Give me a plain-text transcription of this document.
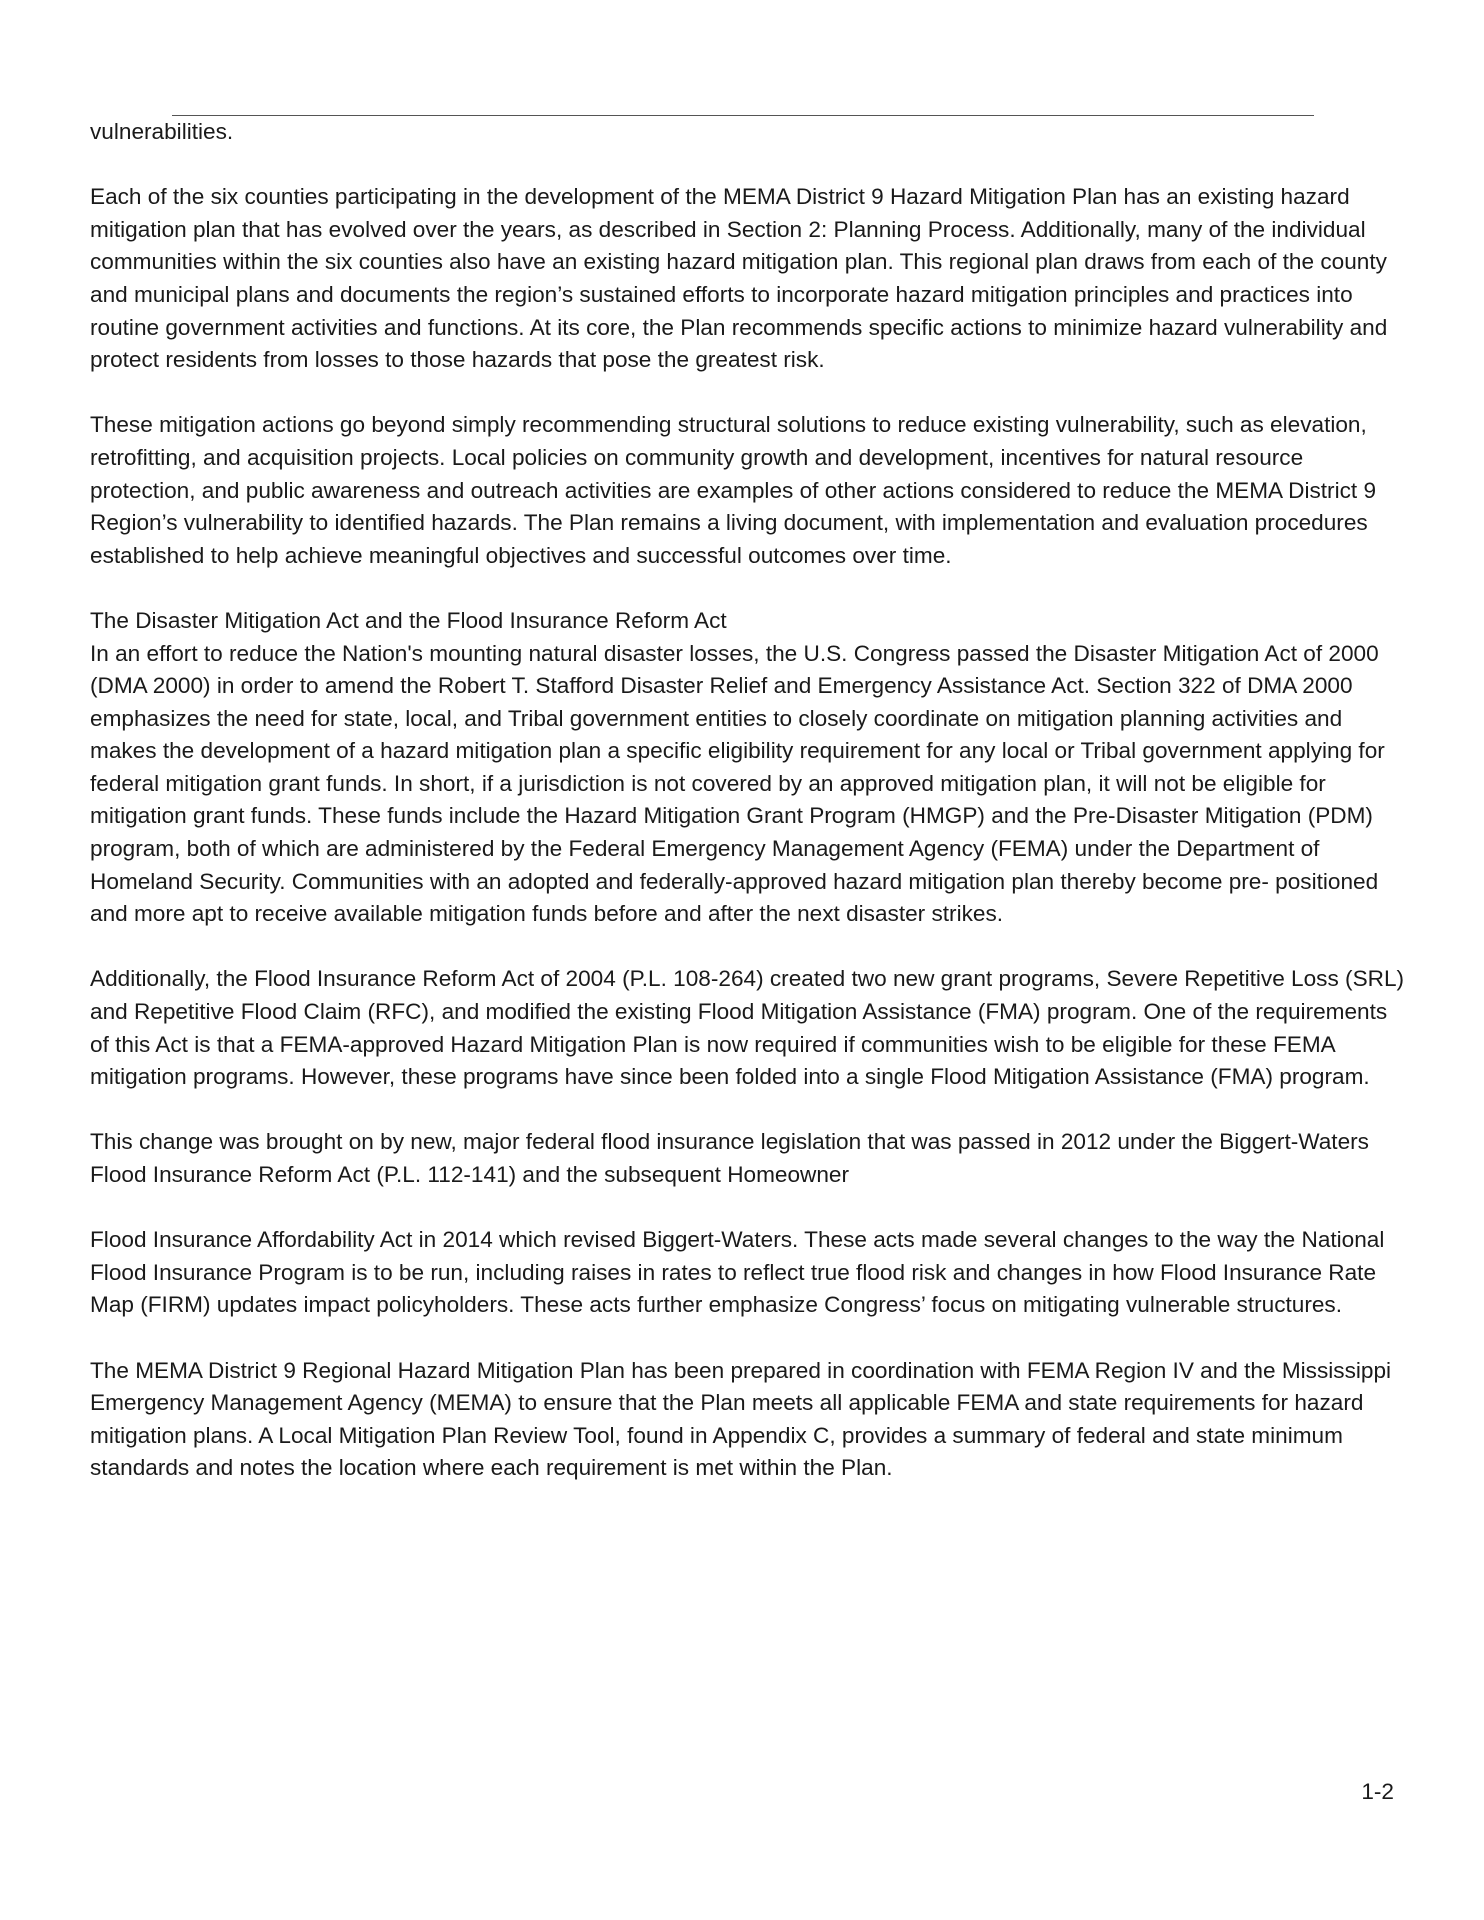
vulnerabilities.

Each of the six counties participating in the development of the MEMA District 9 Hazard Mitigation Plan has an existing hazard mitigation plan that has evolved over the years, as described in Section 2: Planning Process. Additionally, many of the individual communities within the six counties also have an existing hazard mitigation plan. This regional plan draws from each of the county and municipal plans and documents the region’s sustained efforts to incorporate hazard mitigation principles and practices into routine government activities and functions. At its core, the Plan recommends specific actions to minimize hazard vulnerability and protect residents from losses to those hazards that pose the greatest risk.

These mitigation actions go beyond simply recommending structural solutions to reduce existing vulnerability, such as elevation, retrofitting, and acquisition projects. Local policies on community growth and development, incentives for natural resource protection, and public awareness and outreach activities are examples of other actions considered to reduce the MEMA District 9 Region’s vulnerability to identified hazards. The Plan remains a living document, with implementation and evaluation procedures established to help achieve meaningful objectives and successful outcomes over time.

The Disaster Mitigation Act and the Flood Insurance Reform Act

In an effort to reduce the Nation's mounting natural disaster losses, the U.S. Congress passed the Disaster Mitigation Act of 2000 (DMA 2000) in order to amend the Robert T. Stafford Disaster Relief and Emergency Assistance Act. Section 322 of DMA 2000 emphasizes the need for state, local, and Tribal government entities to closely coordinate on mitigation planning activities and makes the development of a hazard mitigation plan a specific eligibility requirement for any local or Tribal government applying for federal mitigation grant funds. In short, if a jurisdiction is not covered by an approved mitigation plan, it will not be eligible for mitigation grant funds. These funds include the Hazard Mitigation Grant Program (HMGP) and the Pre-Disaster Mitigation (PDM) program, both of which are administered by the Federal Emergency Management Agency (FEMA) under the Department of Homeland Security. Communities with an adopted and federally-approved hazard mitigation plan thereby become pre- positioned and more apt to receive available mitigation funds before and after the next disaster strikes.

Additionally, the Flood Insurance Reform Act of 2004 (P.L. 108-264) created two new grant programs, Severe Repetitive Loss (SRL) and Repetitive Flood Claim (RFC), and modified the existing Flood Mitigation Assistance (FMA) program. One of the requirements of this Act is that a FEMA-approved Hazard Mitigation Plan is now required if communities wish to be eligible for these FEMA mitigation programs. However, these programs have since been folded into a single Flood Mitigation Assistance (FMA) program.

This change was brought on by new, major federal flood insurance legislation that was passed in 2012 under the Biggert-Waters Flood Insurance Reform Act (P.L. 112-141) and the subsequent Homeowner

Flood Insurance Affordability Act in 2014 which revised Biggert-Waters. These acts made several changes to the way the National Flood Insurance Program is to be run, including raises in rates to reflect true flood risk and changes in how Flood Insurance Rate Map (FIRM) updates impact policyholders. These acts further emphasize Congress’ focus on mitigating vulnerable structures.

The MEMA District 9 Regional Hazard Mitigation Plan has been prepared in coordination with FEMA Region IV and the Mississippi Emergency Management Agency (MEMA) to ensure that the Plan meets all applicable FEMA and state requirements for hazard mitigation plans. A Local Mitigation Plan Review Tool, found in Appendix C, provides a summary of federal and state minimum standards and notes the location where each requirement is met within the Plan.

1-2
